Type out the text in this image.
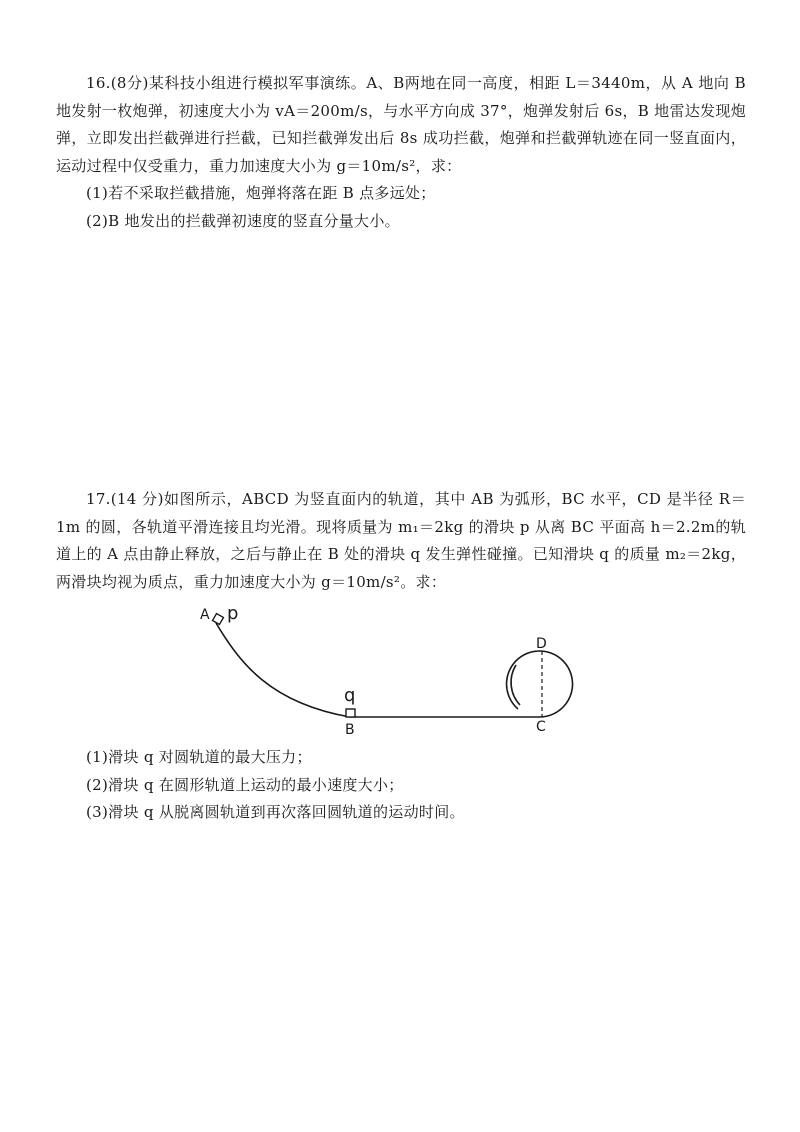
16.(8分)某科技小组进行模拟军事演练。A、B两地在同一高度，相距 L＝3440m，从 A 地向 B 地发射一枚炮弹，初速度大小为 vA＝200m/s，与水平方向成 37°，炮弹发射后 6s，B 地雷达发现炮弹，立即发出拦截弹进行拦截，已知拦截弹发出后 8s 成功拦截，炮弹和拦截弹轨迹在同一竖直面内，运动过程中仅受重力，重力加速度大小为 g＝10m/s²，求：

(1)若不采取拦截措施，炮弹将落在距 B 点多远处；

(2)B 地发出的拦截弹初速度的竖直分量大小。

17.(14 分)如图所示，ABCD 为竖直面内的轨道，其中 AB 为弧形，BC 水平，CD 是半径 R＝1m 的圆，各轨道平滑连接且均光滑。现将质量为 m₁＝2kg 的滑块 p 从离 BC 平面高 h＝2.2m的轨道上的 A 点由静止释放，之后与静止在 B 处的滑块 q 发生弹性碰撞。已知滑块 q 的质量 m₂＝2kg，两滑块均视为质点，重力加速度大小为 g＝10m/s²。求：

A p
q
B	C
D

(1)滑块 q 对圆轨道的最大压力；

(2)滑块 q 在圆形轨道上运动的最小速度大小；

(3)滑块 q 从脱离圆轨道到再次落回圆轨道的运动时间。
